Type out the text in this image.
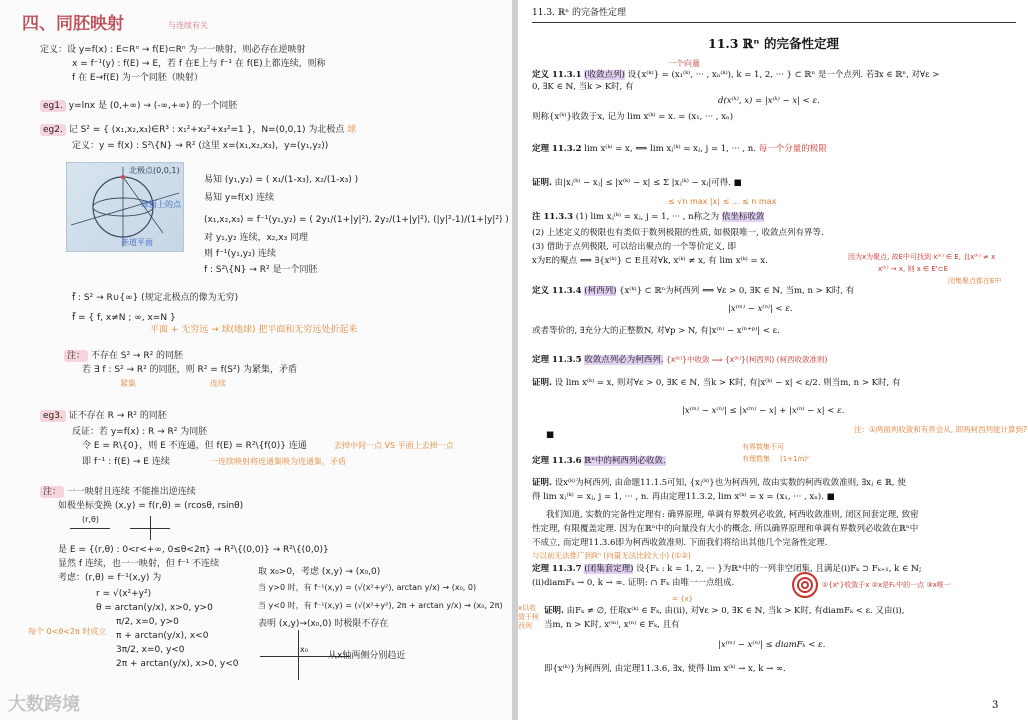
四、同胚映射	与连续有关
定义：设 y=f(x) : E⊂Rⁿ → f(E)⊂Rⁿ 为一一映射，则必存在逆映射
x = f⁻¹(y) : f(E) → E，若 f 在E上与 f⁻¹ 在 f(E)上都连续，则称
f 在 E→f(E) 为一个同胚（映射）
eg1. y=lnx 是 (0,+∞) → (-∞,+∞) 的一个同胚
eg2. 记 S² = { (x₁,x₂,x₃)∈R³ : x₁²+x₂²+x₃²=1 }，N=(0,0,1) 为北极点 球
定义：y = f(x) : S²\{N} → R² (这里 x=(x₁,x₂,x₃)，y=(y₁,y₂))
北极点(0,0,1)
球面上的点
赤道平面
易知 (y₁,y₂) = ( x₁/(1-x₃), x₂/(1-x₃) )
易知 y=f(x) 连续
(x₁,x₂,x₃) = f⁻¹(y₁,y₂) = ( 2y₁/(1+|y|²), 2y₂/(1+|y|²), (|y|²-1)/(1+|y|²) )
对 y₁,y₂ 连续，x₂,x₃ 同理
则 f⁻¹(y₁,y₂) 连续
f : S²\{N} → R² 是一个同胚
f̃ : S² → R∪{∞} (规定北极点的像为无穷)
f̃ = { f, x≠N ; ∞, x=N }
平面 + 无穷远 → 球(地球) 把平面和无穷远处折起来
注： 不存在 S² → R² 的同胚
若 ∃ f : S² → R² 的同胚，则 R² = f(S²) 为紧集，矛盾
紧集	连续
eg3. 证不存在 R → R² 的同胚
反证：若 y=f(x) : R → R² 为同胚
令 E = R\{0}，则 E 不连通，但 f(E) = R²\{f(0)} 连通	去掉中间一点 VS 平面上去掉一点
即 f⁻¹ : f(E) → E 连续	一连续映射将连通集映为连通集，矛盾
注： 一一映射且连续 不能推出逆连续
如极坐标变换 (x,y) = f(r,θ) = (rcosθ, rsinθ)
(r,θ)
是 E = {(r,θ) : 0<r<+∞, 0≤θ<2π} → R²\{(0,0)} → R²\{(0,0)}
显然 f 连续，也一一映射，但 f⁻¹ 不连续
考虑：(r,θ) = f⁻¹(x,y) 为
r = √(x²+y²)
θ = arctan(y/x), x>0, y>0
π/2, x=0, y>0
π + arctan(y/x), x<0
3π/2, x=0, y<0
2π + arctan(y/x), x>0, y<0
每个 0<θ<2π 时成立
取 x₀>0，考虑 (x,y) → (x₀,0)
当 y>0 时，有 f⁻¹(x,y) = (√(x²+y²), arctan y/x) → (x₀, 0)
当 y<0 时，有 f⁻¹(x,y) = (√(x²+y²), 2π + arctan y/x) → (x₀, 2π)
表明 (x,y)→(x₀,0) 时极限不存在
x₀
从x轴两侧分别趋近
大数跨境
11.3. ℝⁿ 的完备性定理
11.3 ℝⁿ 的完备性定理
定义 11.3.1 (收敛点列) 设{x⁽ᵏ⁾} = (x₁⁽ᵏ⁾, ··· , xₙ⁽ᵏ⁾), k = 1, 2, ··· } ⊂ ℝⁿ 是一个点列. 若∃x ∈ ℝⁿ, 对∀ε >
一个向量
0, ∃K ∈ ℕ, 当k > K时, 有
d(x⁽ᵏ⁾, x) = |x⁽ᵏ⁾ − x| < ε.
则称{x⁽ᵏ⁾}收敛于x, 记为 lim x⁽ᵏ⁾ = x. = (x₁, ··· , xₙ)
定理 11.3.2 lim x⁽ᵏ⁾ = x, ⟺ lim xⱼ⁽ᵏ⁾ = xⱼ, j = 1, ··· , n. 每一个分量的极限
证明. 由|xⱼ⁽ᵏ⁾ − xⱼ| ≤ |x⁽ᵏ⁾ − x| ≤ Σ |xⱼ⁽ᵏ⁾ − xⱼ|可得. ■
≤ √n max |x| ≤ ... ≤ n max
注 11.3.3 (1) lim xⱼ⁽ᵏ⁾ = xⱼ, j = 1, ··· , n称之为 依坐标收敛
(2) 上述定义的极限也有类似于数列极限的性质, 如极限唯一, 收敛点列有界等.
(3) 借助于点列极限, 可以给出聚点的一个等价定义, 即
x为E的聚点 ⟺ ∃{x⁽ᵏ⁾} ⊂ E且对∀k, x⁽ᵏ⁾ ≠ x, 有 lim x⁽ᵏ⁾ = x.	因为x为聚点, 故E中可找到 x⁽ᵏ⁾ ∈ E, 且x⁽ᵏ⁾ ≠ x
x⁽ᵏ⁾ → x, 则 x ∈ E'⊂E
闭集聚点都在E中
定义 11.3.4 (柯西列) {x⁽ᵏ⁾} ⊂ ℝⁿ为柯西列 ⟺ ∀ε > 0, ∃K ∈ ℕ, 当m, n > K时, 有
|x⁽ᵐ⁾ − x⁽ⁿ⁾| < ε.
或者等价的, ∃充分大的正整数N, 对∀p > N, 有|x⁽ⁿ⁾ − x⁽ⁿ⁺ᵖ⁾| < ε.
定理 11.3.5 收敛点列必为柯西列. {x⁽ᵏ⁾}中收敛 ⟹ {x⁽ᵏ⁾}(柯西列) (柯西收敛准则)
证明. 设 lim x⁽ᵏ⁾ = x, 则对∀ε > 0, ∃K ∈ ℕ, 当k > K时, 有|x⁽ᵏ⁾ − x| < ε/2. 则当m, n > K时, 有
|x⁽ᵐ⁾ − x⁽ⁿ⁾| ≤ |x⁽ᵐ⁾ − x| + |x⁽ⁿ⁾ − x| < ε.
注：①两面判收敛和有界会从, 即两柯西列能计算到?
■
有界数集不可
有理数集 (1+1/n)ⁿ
定理 11.3.6 ℝⁿ中的柯西列必收敛.
证明. 设x⁽ᵏ⁾为柯西列, 由命题11.1.5可知, {xⱼ⁽ᵏ⁾}也为柯西列, 故由实数的柯西收敛准则, ∃xⱼ ∈ ℝ, 使
得 lim xⱼ⁽ᵏ⁾ = xⱼ, j = 1, ··· , n. 再由定理11.3.2, lim x⁽ᵏ⁾ = x = (x₁, ··· , xₙ). ■
我们知道, 实数的完备性定理有: 确界原理, 单调有界数列必收敛, 柯西收敛准则, 闭区间套定理, 致密
性定理, 有限覆盖定理. 因为在ℝⁿ中的向量没有大小的概念, 所以确界原理和单调有界数列必收敛在ℝⁿ中
不成立, 而定理11.3.6即为柯西收敛准则. 下面我们将给出其他几个完备性定理.
与以前无法推广到ℝⁿ (向量无法比较大小) (①②)
定理 11.3.7 (闭集套定理) 设{Fₖ : k = 1, 2, ··· }为ℝⁿ中的一列非空闭集, 且满足(i)Fₖ ⊃ Fₖ₊₁, k ∈ ℕ;
(ii)diamFₖ → 0, k → ∞. 证明: ∩ Fₖ 由唯一一点组成.	①{xᵏ}收敛于x ②x是Fₖ中的一点 ③x唯一
= {x}
x以收敛于柯西列
证明. 由Fₖ ≠ ∅, 任取x⁽ᵏ⁾ ∈ Fₖ, 由(ii), 对∀ε > 0, ∃K ∈ ℕ, 当k > K时, 有diamFₖ < ε. 又由(i),
当m, n > K时, x⁽ᵐ⁾, x⁽ⁿ⁾ ∈ Fₖ, 且有
|x⁽ᵐ⁾ − x⁽ⁿ⁾| ≤ diamFₖ < ε.
即{x⁽ᵏ⁾}为柯西列, 由定理11.3.6, ∃x, 使得 lim x⁽ᵏ⁾ → x, k → ∞.
3
